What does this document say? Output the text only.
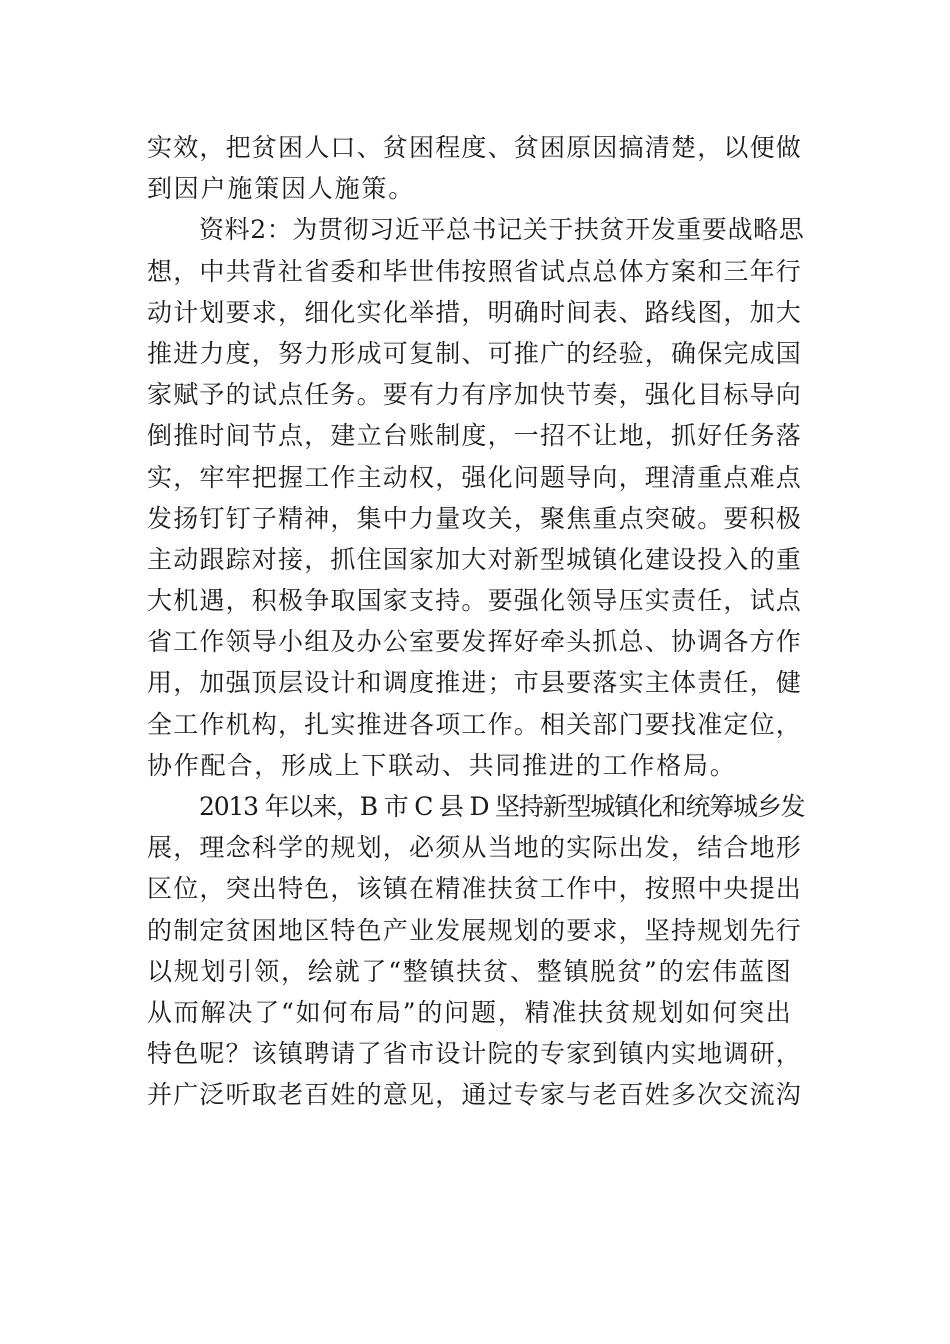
实效，把贫困人口、贫困程度、贫困原因搞清楚，以便做
到因户施策因人施策。
资料2：为贯彻习近平总书记关于扶贫开发重要战略思
想，中共背社省委和毕世伟按照省试点总体方案和三年行
动计划要求，细化实化举措，明确时间表、路线图，加大
推进力度，努力形成可复制、可推广的经验，确保完成国
家赋予的试点任务。要有力有序加快节奏，强化目标导向
倒推时间节点，建立台账制度，一招不让地，抓好任务落
实，牢牢把握工作主动权，强化问题导向，理清重点难点
发扬钉钉子精神，集中力量攻关，聚焦重点突破。要积极
主动跟踪对接，抓住国家加大对新型城镇化建设投入的重
大机遇，积极争取国家支持。要强化领导压实责任，试点
省工作领导小组及办公室要发挥好牵头抓总、协调各方作
用，加强顶层设计和调度推进；市县要落实主体责任，健
全工作机构，扎实推进各项工作。相关部门要找准定位，
协作配合，形成上下联动、共同推进的工作格局。
2013 年以来，B 市 C 县 D 坚持新型城镇化和统筹城乡发
展，理念科学的规划，必须从当地的实际出发，结合地形
区位，突出特色，该镇在精准扶贫工作中，按照中央提出
的制定贫困地区特色产业发展规划的要求，坚持规划先行
以规划引领，绘就了“整镇扶贫、整镇脱贫”的宏伟蓝图
从而解决了“如何布局”的问题，精准扶贫规划如何突出
特色呢？该镇聘请了省市设计院的专家到镇内实地调研，
并广泛听取老百姓的意见，通过专家与老百姓多次交流沟
